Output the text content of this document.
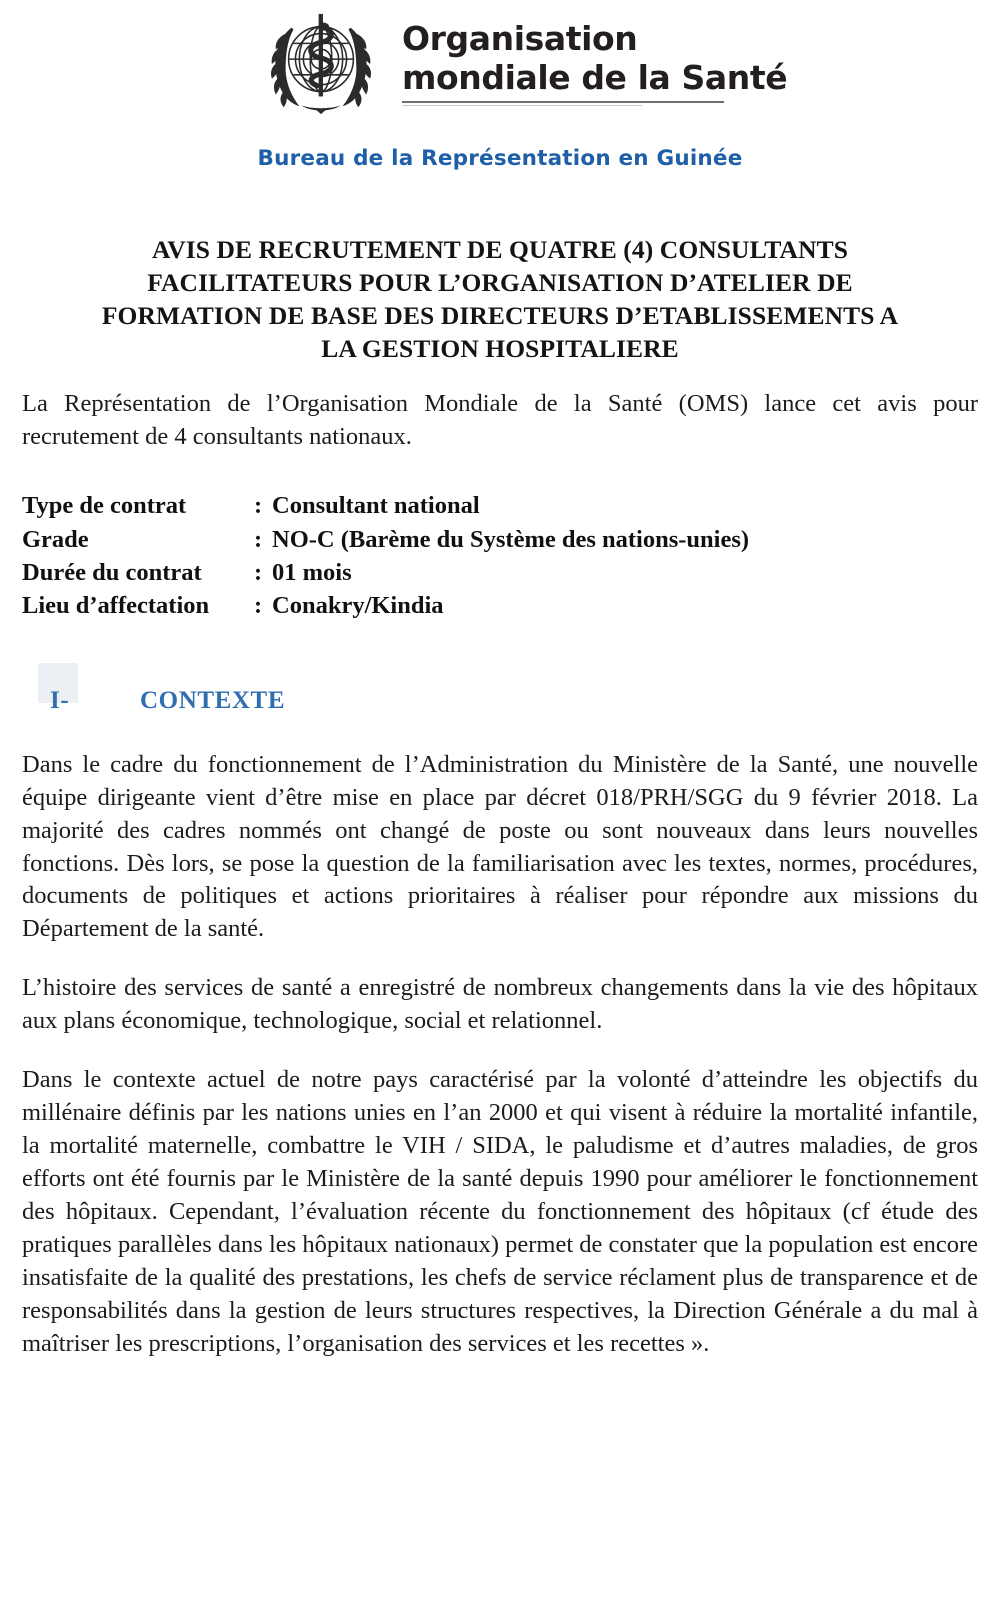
Organisation
mondiale de la Santé
Bureau de la Représentation en Guinée
AVIS DE RECRUTEMENT DE QUATRE (4) CONSULTANTS
FACILITATEURS POUR L’ORGANISATION D’ATELIER DE
FORMATION DE BASE DES DIRECTEURS D’ETABLISSEMENTS A
LA GESTION HOSPITALIERE

La Représentation de l’Organisation Mondiale de la Santé (OMS) lance cet avis pour recrutement de 4 consultants nationaux.

Type de contrat	: Consultant national
Grade	: NO-C (Barème du Système des nations-unies)
Durée du contrat	: 01 mois
Lieu d’affectation	: Conakry/Kindia
I-	CONTEXTE

Dans le cadre du fonctionnement de l’Administration du Ministère de la Santé, une nouvelle équipe dirigeante vient d’être mise en place par décret 018/PRH/SGG du 9 février 2018. La majorité des cadres nommés ont changé de poste ou sont nouveaux dans leurs nouvelles fonctions. Dès lors, se pose la question de la familiarisation avec les textes, normes, procédures, documents de politiques et actions prioritaires à réaliser pour répondre aux missions du Département de la santé.

L’histoire des services de santé a enregistré de nombreux changements dans la vie des hôpitaux aux plans économique, technologique, social et relationnel.

Dans le contexte actuel de notre pays caractérisé par la volonté d’atteindre les objectifs du millénaire définis par les nations unies en l’an 2000 et qui visent à réduire la mortalité infantile, la mortalité maternelle, combattre le VIH / SIDA, le paludisme et d’autres maladies, de gros efforts ont été fournis par le Ministère de la santé depuis 1990 pour améliorer le fonctionnement des hôpitaux. Cependant, l’évaluation récente du fonctionnement des hôpitaux (cf étude des pratiques parallèles dans les hôpitaux nationaux) permet de constater que la population est encore insatisfaite de la qualité des prestations, les chefs de service réclament plus de transparence et de responsabilités dans la gestion de leurs structures respectives, la Direction Générale a du mal à maîtriser les prescriptions, l’organisation des services et les recettes ».
